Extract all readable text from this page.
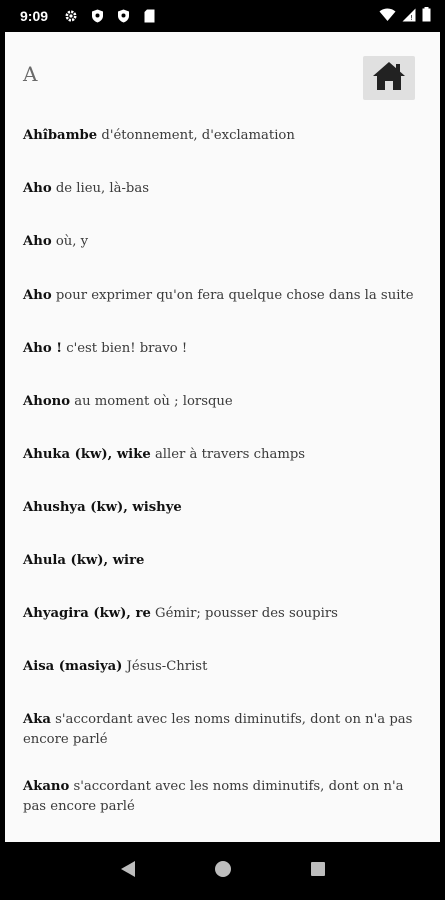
9:09	!
A
Ahîbambe d'étonnement, d'exclamation
Aho de lieu, là-bas
Aho où, y
Aho pour exprimer qu'on fera quelque chose dans la suite
Aho ! c'est bien! bravo !
Ahono au moment où ; lorsque
Ahuka (kw), wike aller à travers champs
Ahushya (kw), wishye
Ahula (kw), wire
Ahyagira (kw), re Gémir; pousser des soupirs
Aisa (masiya) Jésus-Christ
Aka s'accordant avec les noms diminutifs, dont on n'a pas encore parlé
Akano s'accordant avec les noms diminutifs, dont on n'a pas encore parlé
